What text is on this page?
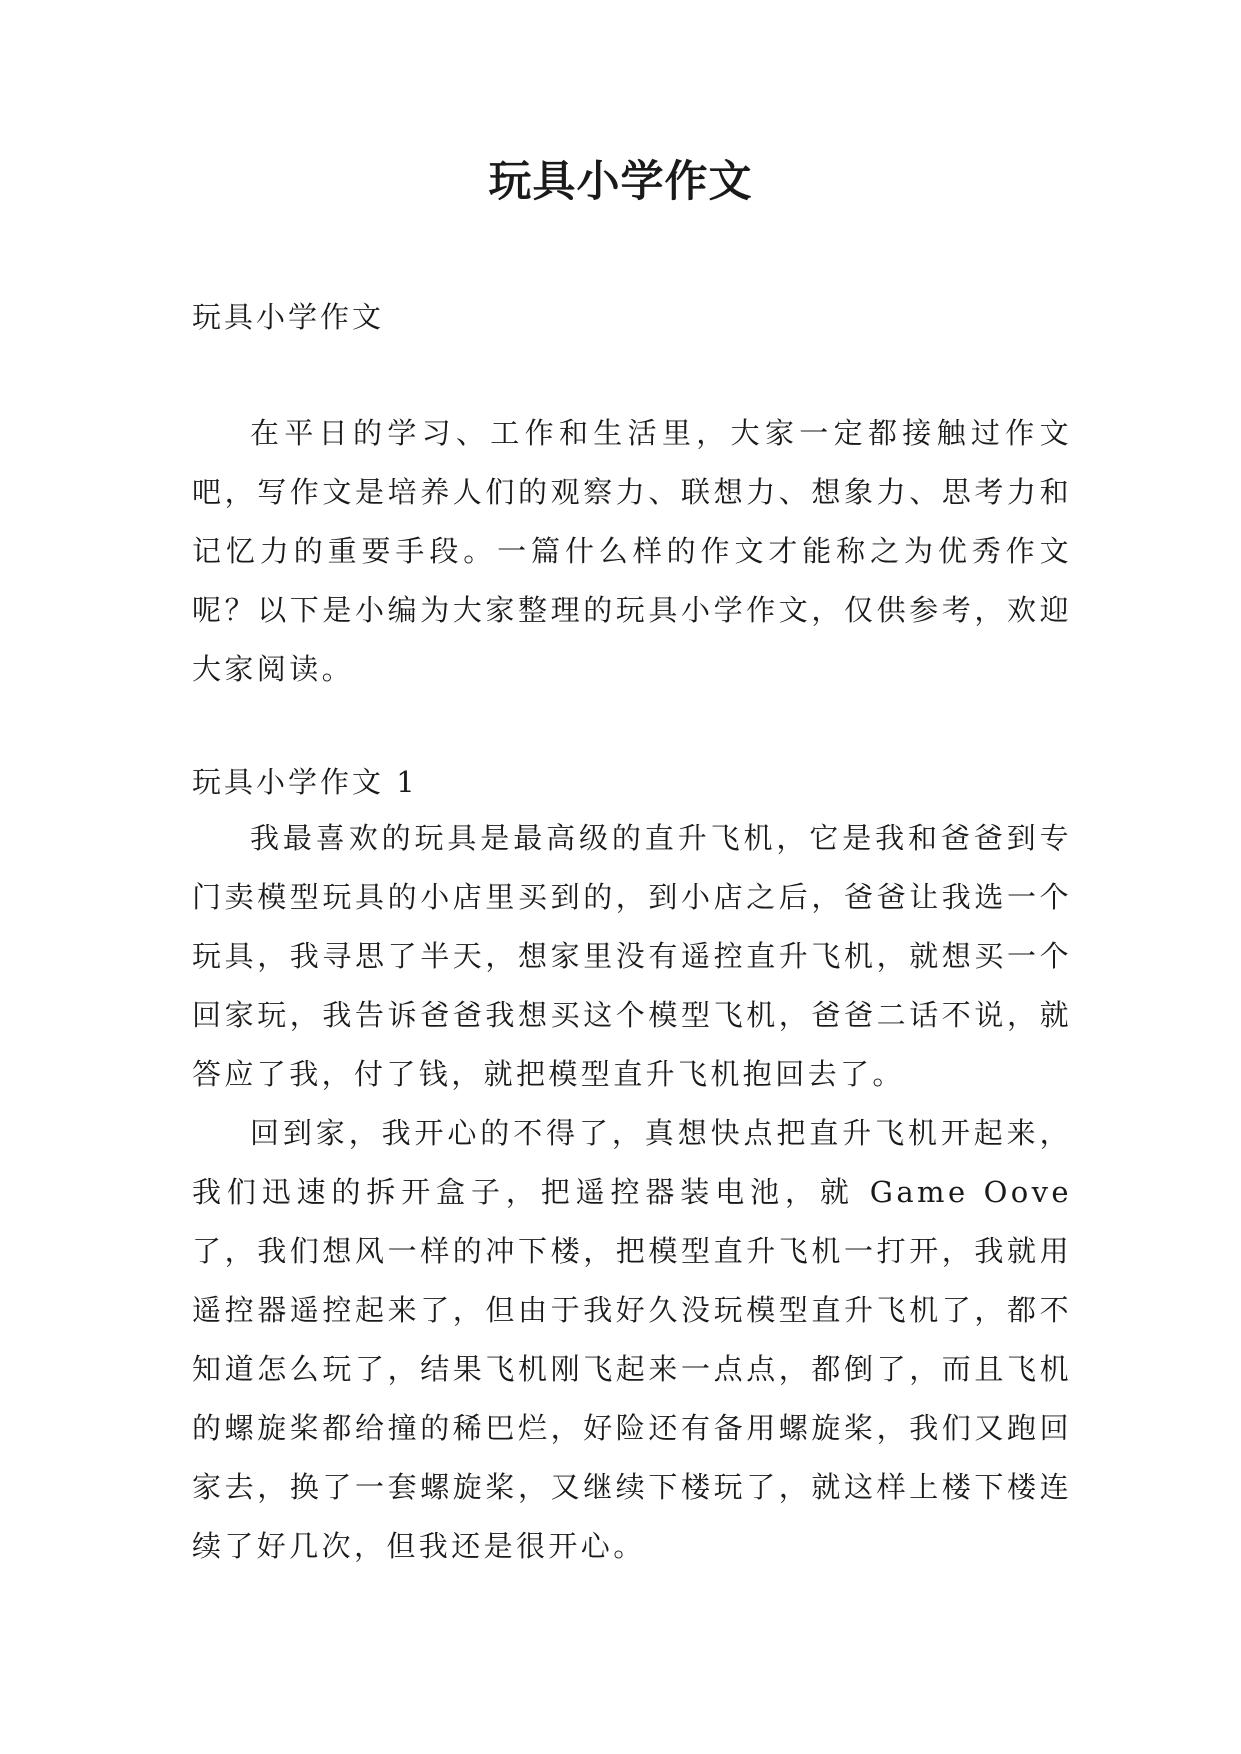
玩具小学作文

玩具小学作文

在平日的学习、工作和生活里，大家一定都接触过作文吧，写作文是培养人们的观察力、联想力、想象力、思考力和记忆力的重要手段。一篇什么样的作文才能称之为优秀作文呢？以下是小编为大家整理的玩具小学作文，仅供参考，欢迎大家阅读。

玩具小学作文 1

我最喜欢的玩具是最高级的直升飞机，它是我和爸爸到专门卖模型玩具的小店里买到的，到小店之后，爸爸让我选一个玩具，我寻思了半天，想家里没有遥控直升飞机，就想买一个回家玩，我告诉爸爸我想买这个模型飞机，爸爸二话不说，就答应了我，付了钱，就把模型直升飞机抱回去了。

回到家，我开心的不得了，真想快点把直升飞机开起来，我们迅速的拆开盒子，把遥控器装电池，就 Game Oove 了，我们想风一样的冲下楼，把模型直升飞机一打开，我就用遥控器遥控起来了，但由于我好久没玩模型直升飞机了，都不知道怎么玩了，结果飞机刚飞起来一点点，都倒了，而且飞机的螺旋桨都给撞的稀巴烂，好险还有备用螺旋桨，我们又跑回家去，换了一套螺旋桨，又继续下楼玩了，就这样上楼下楼连续了好几次，但我还是很开心。
